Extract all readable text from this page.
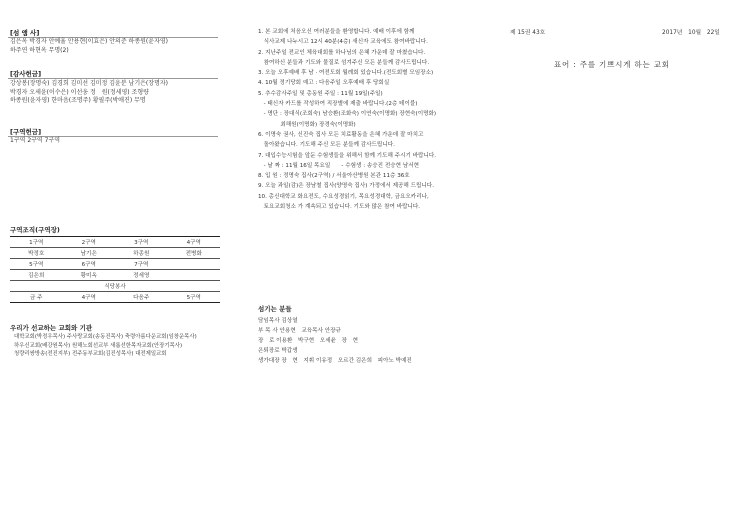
[섬 앰 사]
김은옥 박경자 안예율 안용현(이효은) 안의준 하종원(윤자영)
하주연 하현옥 무명(2)
[감사헌금]
강상봉(장명숙) 김경희 김미선 김미정 김윤분 남기은(장명자)
박경자 오세윤(이수은) 이선웅 정　원(정세영) 조형량
하종원(윤자영) 한마음(조명주) 황필주(박애진) 무명
[구역헌금]
1구역 2구역 7구역
구역조직(구역장)
1구역	2구역	3구역	4구역
박정호	남기은	하종원	전병화
5구역	6구역	7구역	
김은희	황미옥	정세영	
식당봉사			
금 주	4구역	다음주	5구역
우리가 선교하는 교회와 기관
대학교회(박정우목사) 주사랑교회(송동진목사) 축령아름다운교회(임창운목사)
하우신교회(배강원목사) 원해노회선교부 새롭선한목자교회(안장기목사)
청량리쌍방송(전진지부) 전주동부교회(김진성목사) 대전제일교회
1. 본 교회에 처음오신 여러분들을 환영합니다. 예배 이후에 함께
　식사교제 나누시고 12시 40분(4층) 새신자 교육에도 참여바랍니다.
2. 지난주일 전교인 체육대회를 하나님의 은혜 가운데 잘 마쳤습니다.
　참여하신 분들과 기도와 물질로 섬겨주신 모든 분들께 감사드립니다.
3. 오늘 오후예배 후 남 · 여전도회 월례회 있습니다.(전도회별 모임장소)
4. 10월 정기당회 예고 : 다음주일 오후예배 후 당회실
5. 추수감사주일 및 총동원 주일 : 11월 19일(주일)
　- 태신자 카드를 작성하여 직장별에 제출 바랍니다.(2층 테이블)
　- 명단 : 장대식(조회숙) 남승환(조화숙) 이연숙(이명화) 장현숙(이명화)
　　　　최해원(이명화) 장경숙(이명화)
6. 이명숙 권사, 신진숙 집사 모든 치료활동을 은혜 가운데 잘 마치고
　돌아왔습니다. 기도해 주신 모든 분들께 감사드립니다.
7. 대입수능시험을 앞둔 수험생들을 위해서 함께 기도해 주시기 바랍니다.
　- 날 짜 : 11월 16일 목요일　　- 수험생 : 송승진 전승현 남서현
8. 입 원 : 정명숙 집사(2구역) / 서울아산병원 본관 11층 36호
9. 오늘 과일(감)은 장남철 집사(양명숙 집사) 가정에서 제공해 드립니다.
10. 총신대학교 화요전도, 수요성경읽기, 목요성경대학, 금요오카리나,
　토요교회청소 가 계속되고 있습니다. 기도와 많은 참여 바랍니다.
섬기는 분들
담임목사 김상열
부 목 사 안용현　교육목사 안장규
장　로 이용환　박구현　오세윤　장　현
은퇴장로 박갑생
생가대장 장　현　지휘 이유정　오르간 김은희　피아노 박예진
제 15권 43호	2017년　10월　22일
표어 : 주를 기쁘시게 하는 교회
